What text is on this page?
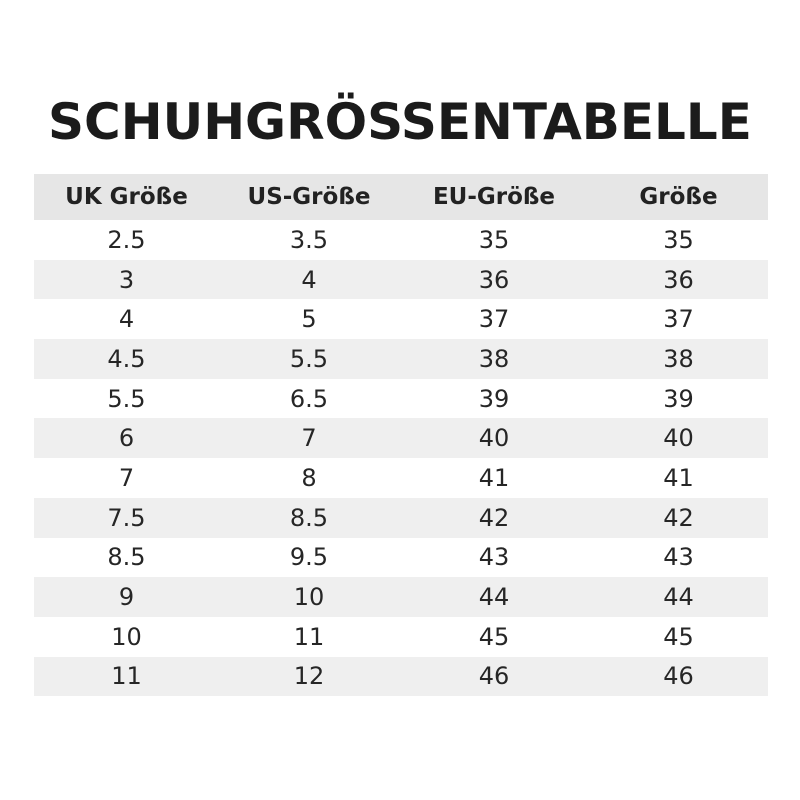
SCHUHGRÖSSENTABELLE
UK Größe	US-Größe	EU-Größe	Größe
2.5	3.5	35	35
3	4	36	36
4	5	37	37
4.5	5.5	38	38
5.5	6.5	39	39
6	7	40	40
7	8	41	41
7.5	8.5	42	42
8.5	9.5	43	43
9	10	44	44
10	11	45	45
11	12	46	46
